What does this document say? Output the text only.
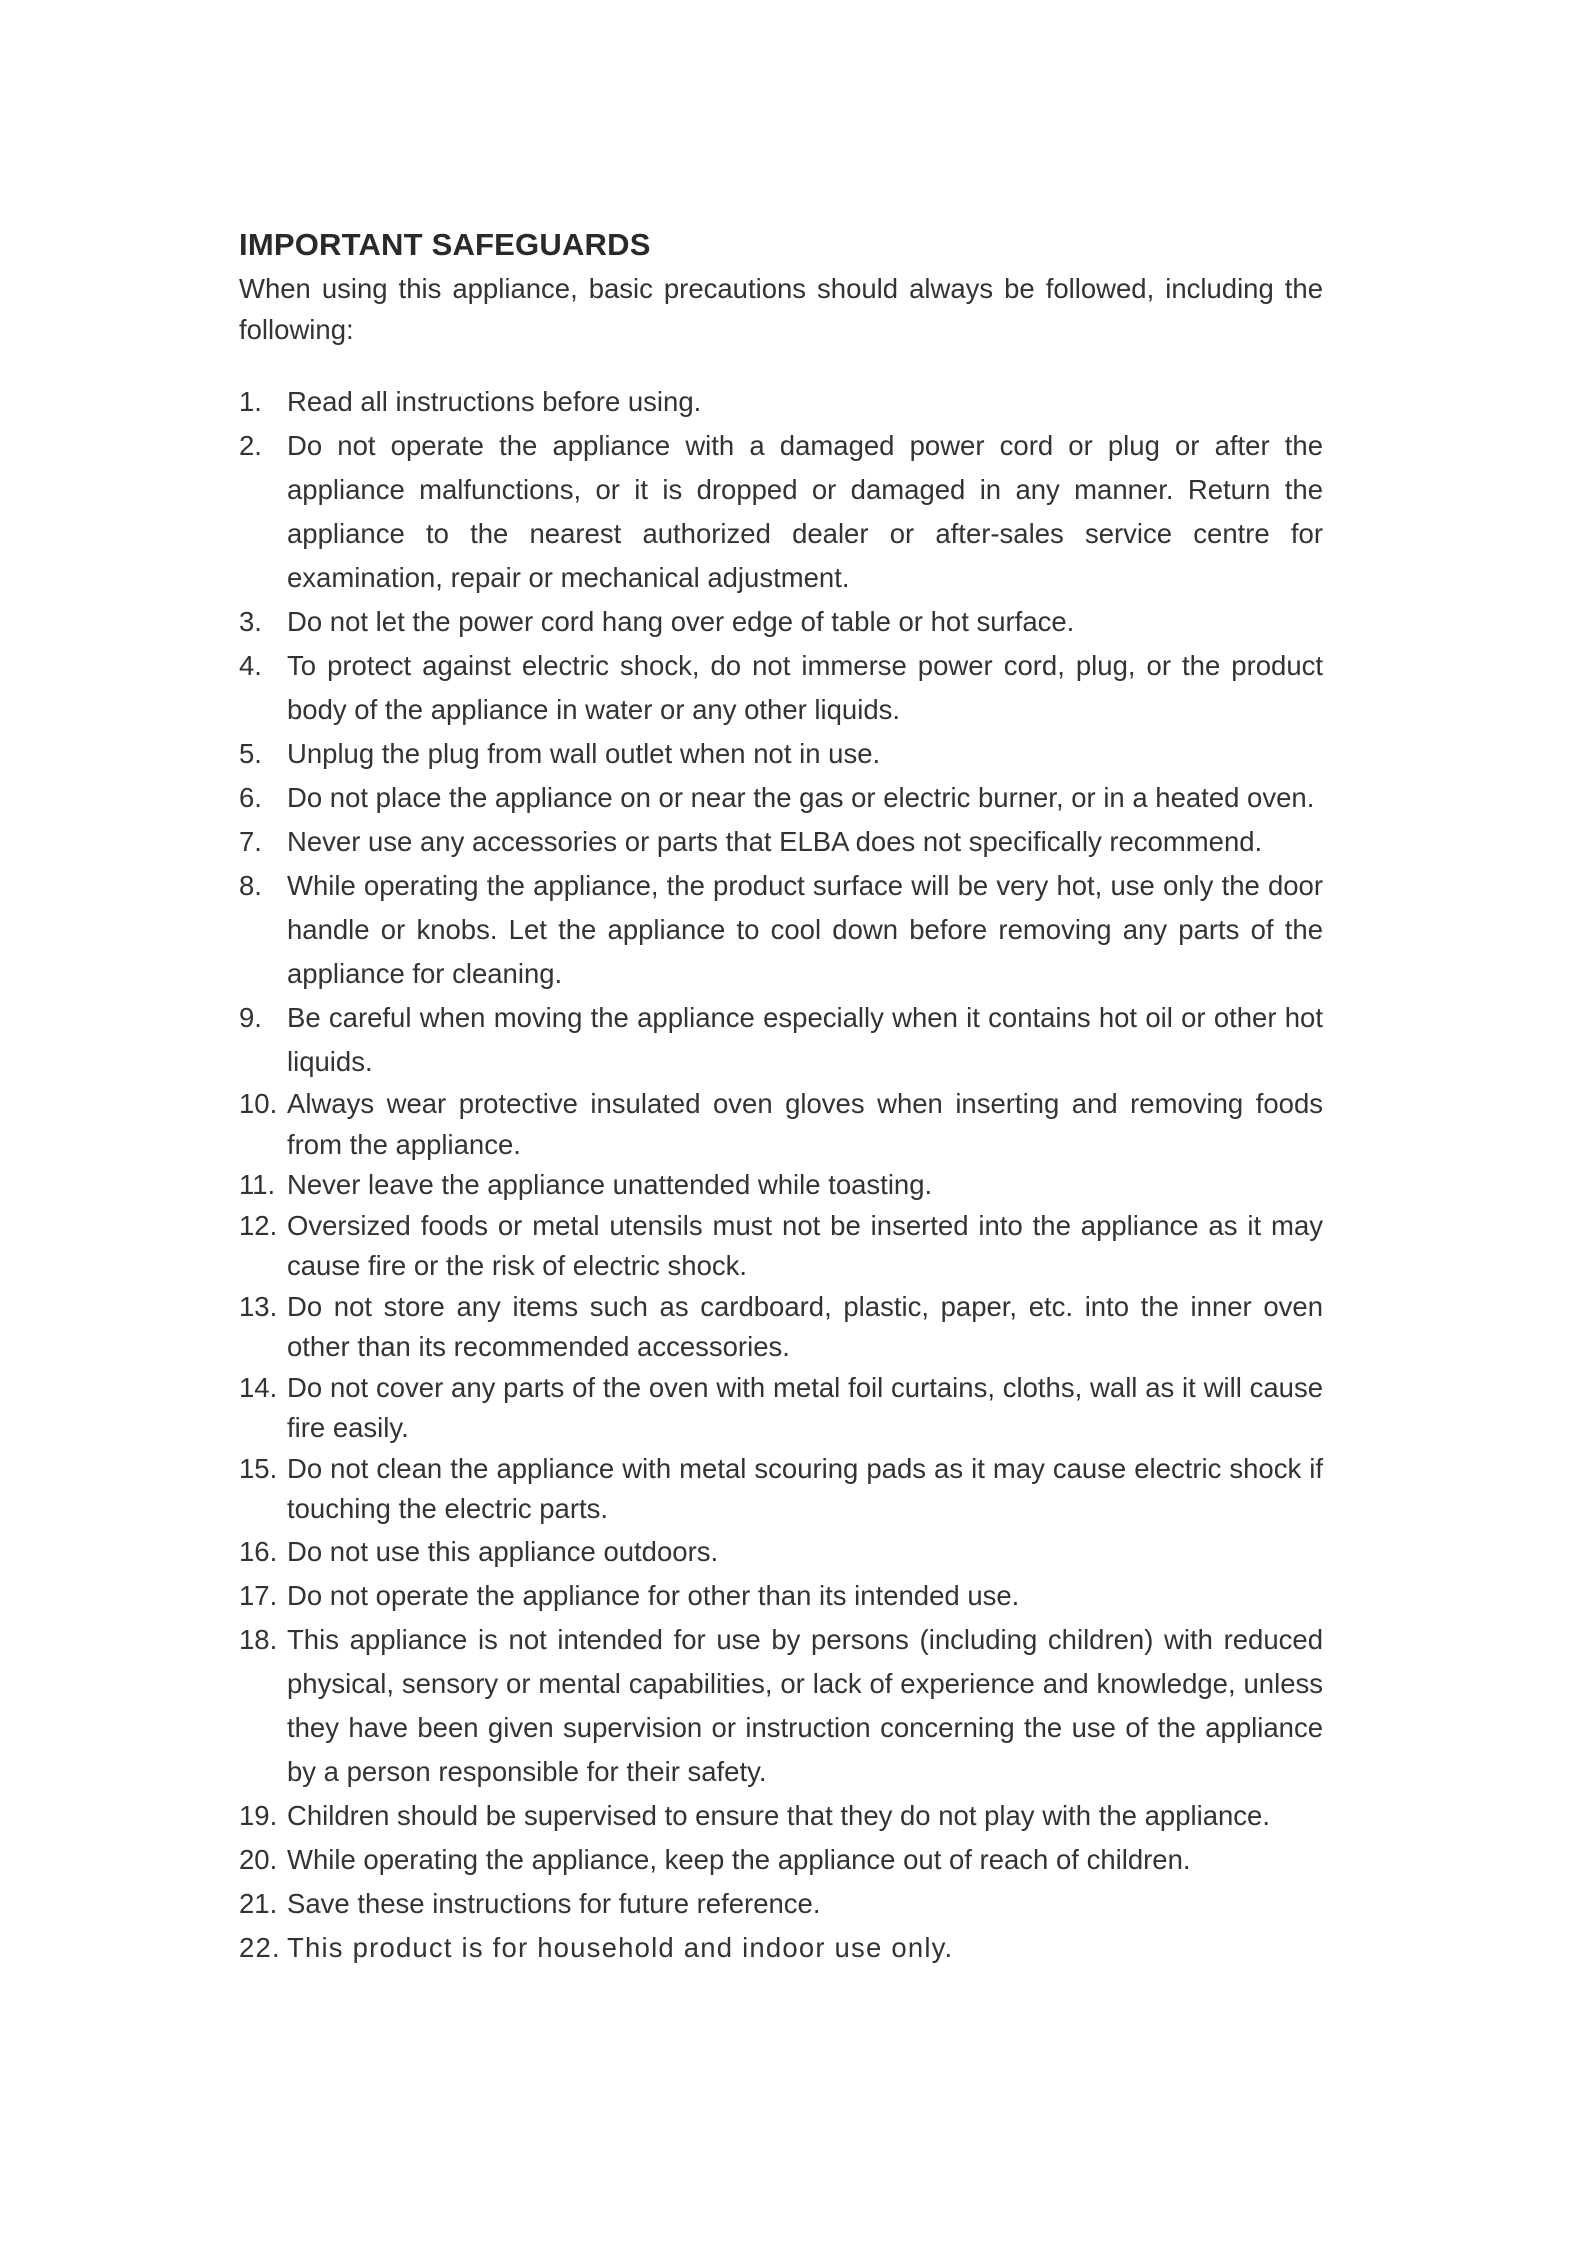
IMPORTANT SAFEGUARDS

When using this appliance, basic precautions should always be followed, including the following:

1. Read all instructions before using.
2. Do not operate the appliance with a damaged power cord or plug or after the appliance malfunctions, or it is dropped or damaged in any manner. Return the appliance to the nearest authorized dealer or after-sales service centre for examination, repair or mechanical adjustment.
3. Do not let the power cord hang over edge of table or hot surface.
4. To protect against electric shock, do not immerse power cord, plug, or the product body of the appliance in water or any other liquids.
5. Unplug the plug from wall outlet when not in use.
6. Do not place the appliance on or near the gas or electric burner, or in a heated oven.
7. Never use any accessories or parts that ELBA does not specifically recommend.
8. While operating the appliance, the product surface will be very hot, use only the door handle or knobs. Let the appliance to cool down before removing any parts of the appliance for cleaning.
9. Be careful when moving the appliance especially when it contains hot oil or other hot liquids.
10. Always wear protective insulated oven gloves when inserting and removing foods from the appliance.
11. Never leave the appliance unattended while toasting.
12. Oversized foods or metal utensils must not be inserted into the appliance as it may cause fire or the risk of electric shock.
13. Do not store any items such as cardboard, plastic, paper, etc. into the inner oven other than its recommended accessories.
14. Do not cover any parts of the oven with metal foil curtains, cloths, wall as it will cause fire easily.
15. Do not clean the appliance with metal scouring pads as it may cause electric shock if touching the electric parts.
16. Do not use this appliance outdoors.
17. Do not operate the appliance for other than its intended use.
18. This appliance is not intended for use by persons (including children) with reduced physical, sensory or mental capabilities, or lack of experience and knowledge, unless they have been given supervision or instruction concerning the use of the appliance by a person responsible for their safety.
19. Children should be supervised to ensure that they do not play with the appliance.
20. While operating the appliance, keep the appliance out of reach of children.
21. Save these instructions for future reference.
22. This product is for household and indoor use only.
